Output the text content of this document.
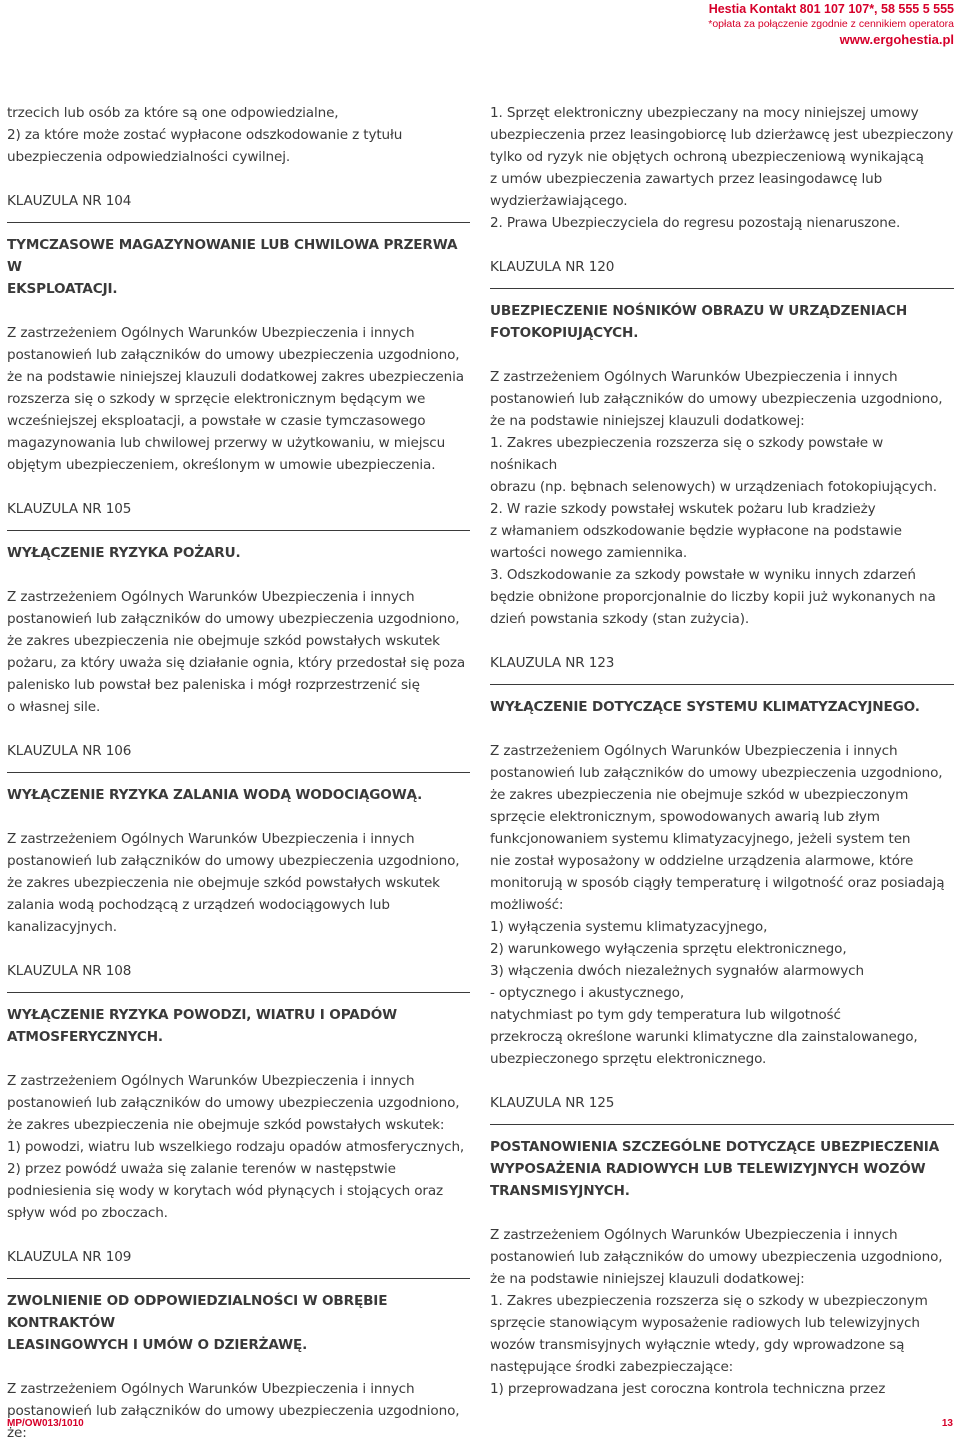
Hestia Kontakt 801 107 107*, 58 555 5 555
*opłata za połączenie zgodnie z cennikiem operatora
www.ergohestia.pl

trzecich lub osób za które są one odpowiedzialne,

2) za które może zostać wypłacone odszkodowanie z tytułu

ubezpieczenia odpowiedzialności cywilnej.

KLAUZULA NR 104

TYMCZASOWE MAGAZYNOWANIE LUB CHWILOWA PRZERWA W

EKSPLOATACJI.

Z zastrzeżeniem Ogólnych Warunków Ubezpieczenia i innych

postanowień lub załączników do umowy ubezpieczenia uzgodniono,

że na podstawie niniejszej klauzuli dodatkowej zakres ubezpieczenia

rozszerza się o szkody w sprzęcie elektronicznym będącym we

wcześniejszej eksploatacji, a powstałe w czasie tymczasowego

magazynowania lub chwilowej przerwy w użytkowaniu, w miejscu

objętym ubezpieczeniem, określonym w umowie ubezpieczenia.

KLAUZULA NR 105

WYŁĄCZENIE RYZYKA POŻARU.

Z zastrzeżeniem Ogólnych Warunków Ubezpieczenia i innych

postanowień lub załączników do umowy ubezpieczenia uzgodniono,

że zakres ubezpieczenia nie obejmuje szkód powstałych wskutek

pożaru, za który uważa się działanie ognia, który przedostał się poza

palenisko lub powstał bez paleniska i mógł rozprzestrzenić się

o własnej sile.

KLAUZULA NR 106

WYŁĄCZENIE RYZYKA ZALANIA WODĄ WODOCIĄGOWĄ.

Z zastrzeżeniem Ogólnych Warunków Ubezpieczenia i innych

postanowień lub załączników do umowy ubezpieczenia uzgodniono,

że zakres ubezpieczenia nie obejmuje szkód powstałych wskutek

zalania wodą pochodzącą z urządzeń wodociągowych lub

kanalizacyjnych.

KLAUZULA NR 108

WYŁĄCZENIE RYZYKA POWODZI, WIATRU I OPADÓW

ATMOSFERYCZNYCH.

Z zastrzeżeniem Ogólnych Warunków Ubezpieczenia i innych

postanowień lub załączników do umowy ubezpieczenia uzgodniono,

że zakres ubezpieczenia nie obejmuje szkód powstałych wskutek:

1) powodzi, wiatru lub wszelkiego rodzaju opadów atmosferycznych,

2) przez powódź uważa się zalanie terenów w następstwie

podniesienia się wody w korytach wód płynących i stojących oraz

spływ wód po zboczach.

KLAUZULA NR 109

ZWOLNIENIE OD ODPOWIEDZIALNOŚCI W OBRĘBIE KONTRAKTÓW

LEASINGOWYCH I UMÓW O DZIERŻAWĘ.

Z zastrzeżeniem Ogólnych Warunków Ubezpieczenia i innych

postanowień lub załączników do umowy ubezpieczenia uzgodniono, że:

1. Sprzęt elektroniczny ubezpieczany na mocy niniejszej umowy

ubezpieczenia przez leasingobiorcę lub dzierżawcę jest ubezpieczony

tylko od ryzyk nie objętych ochroną ubezpieczeniową wynikającą

z umów ubezpieczenia zawartych przez leasingodawcę lub

wydzierżawiającego.

2. Prawa Ubezpieczyciela do regresu pozostają nienaruszone.

KLAUZULA NR 120

UBEZPIECZENIE NOŚNIKÓW OBRAZU W URZĄDZENIACH

FOTOKOPIUJĄCYCH.

Z zastrzeżeniem Ogólnych Warunków Ubezpieczenia i innych

postanowień lub załączników do umowy ubezpieczenia uzgodniono,

że na podstawie niniejszej klauzuli dodatkowej:

1. Zakres ubezpieczenia rozszerza się o szkody powstałe w nośnikach

obrazu (np. bębnach selenowych) w urządzeniach fotokopiujących.

2. W razie szkody powstałej wskutek pożaru lub kradzieży

z włamaniem odszkodowanie będzie wypłacone na podstawie

wartości nowego zamiennika.

3. Odszkodowanie za szkody powstałe w wyniku innych zdarzeń

będzie obniżone proporcjonalnie do liczby kopii już wykonanych na

dzień powstania szkody (stan zużycia).

KLAUZULA NR 123

WYŁĄCZENIE DOTYCZĄCE SYSTEMU KLIMATYZACYJNEGO.

Z zastrzeżeniem Ogólnych Warunków Ubezpieczenia i innych

postanowień lub załączników do umowy ubezpieczenia uzgodniono,

że zakres ubezpieczenia nie obejmuje szkód w ubezpieczonym

sprzęcie elektronicznym, spowodowanych awarią lub złym

funkcjonowaniem systemu klimatyzacyjnego, jeżeli system ten

nie został wyposażony w oddzielne urządzenia alarmowe, które

monitorują w sposób ciągły temperaturę i wilgotność oraz posiadają

możliwość:

1) wyłączenia systemu klimatyzacyjnego,

2) warunkowego wyłączenia sprzętu elektronicznego,

3) włączenia dwóch niezależnych sygnałów alarmowych

- optycznego i akustycznego,

natychmiast po tym gdy temperatura lub wilgotność

przekroczą określone warunki klimatyczne dla zainstalowanego,

ubezpieczonego sprzętu elektronicznego.

KLAUZULA NR 125

POSTANOWIENIA SZCZEGÓLNE DOTYCZĄCE UBEZPIECZENIA

WYPOSAŻENIA RADIOWYCH LUB TELEWIZYJNYCH WOZÓW

TRANSMISYJNYCH.

Z zastrzeżeniem Ogólnych Warunków Ubezpieczenia i innych

postanowień lub załączników do umowy ubezpieczenia uzgodniono,

że na podstawie niniejszej klauzuli dodatkowej:

1. Zakres ubezpieczenia rozszerza się o szkody w ubezpieczonym

sprzęcie stanowiącym wyposażenie radiowych lub telewizyjnych

wozów transmisyjnych wyłącznie wtedy, gdy wprowadzone są

następujące środki zabezpieczające:

1) przeprowadzana jest coroczna kontrola techniczna przez

MP/OW013/1010	13
